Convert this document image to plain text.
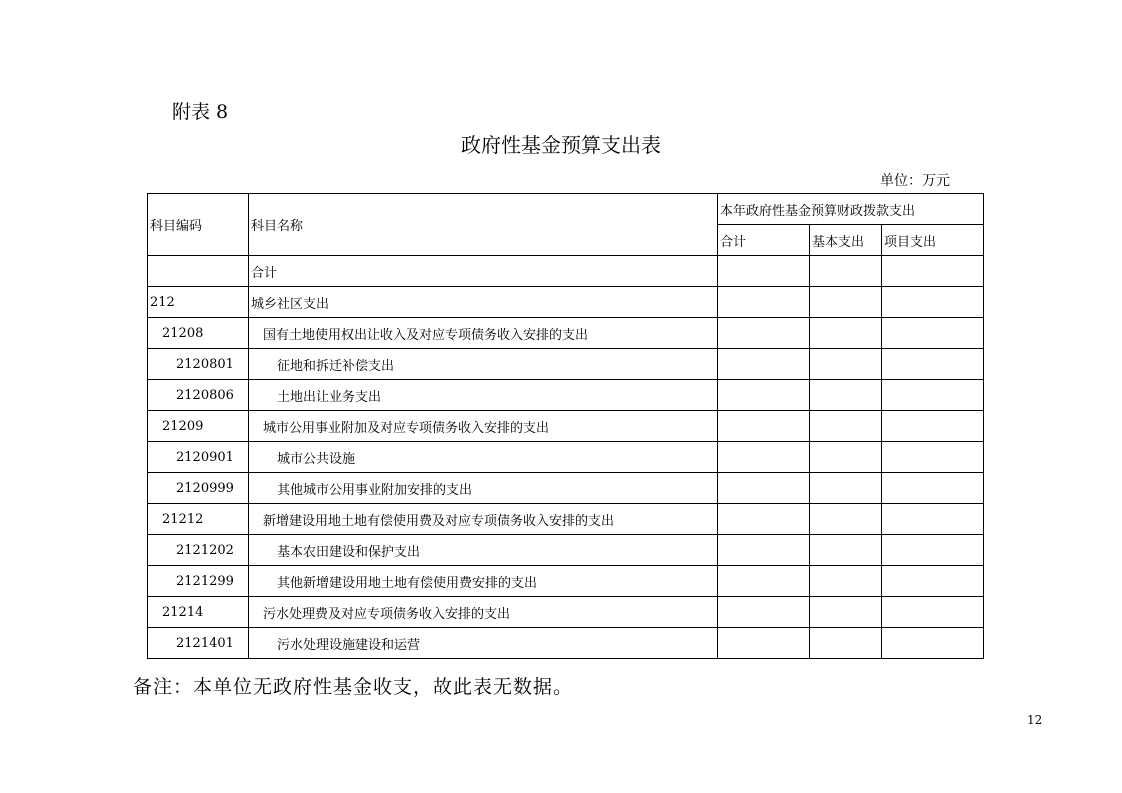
附表 8
政府性基金预算支出表
单位：万元
科目编码	科目名称	本年政府性基金预算财政拨款支出		
		合计	基本支出	项目支出
	合计			
212	城乡社区支出			
21208	国有土地使用权出让收入及对应专项债务收入安排的支出			
2120801	征地和拆迁补偿支出			
2120806	土地出让业务支出			
21209	城市公用事业附加及对应专项债务收入安排的支出			
2120901	城市公共设施			
2120999	其他城市公用事业附加安排的支出			
21212	新增建设用地土地有偿使用费及对应专项债务收入安排的支出			
2121202	基本农田建设和保护支出			
2121299	其他新增建设用地土地有偿使用费安排的支出			
21214	污水处理费及对应专项债务收入安排的支出			
2121401	污水处理设施建设和运营			
备注：本单位无政府性基金收支，故此表无数据。
12
